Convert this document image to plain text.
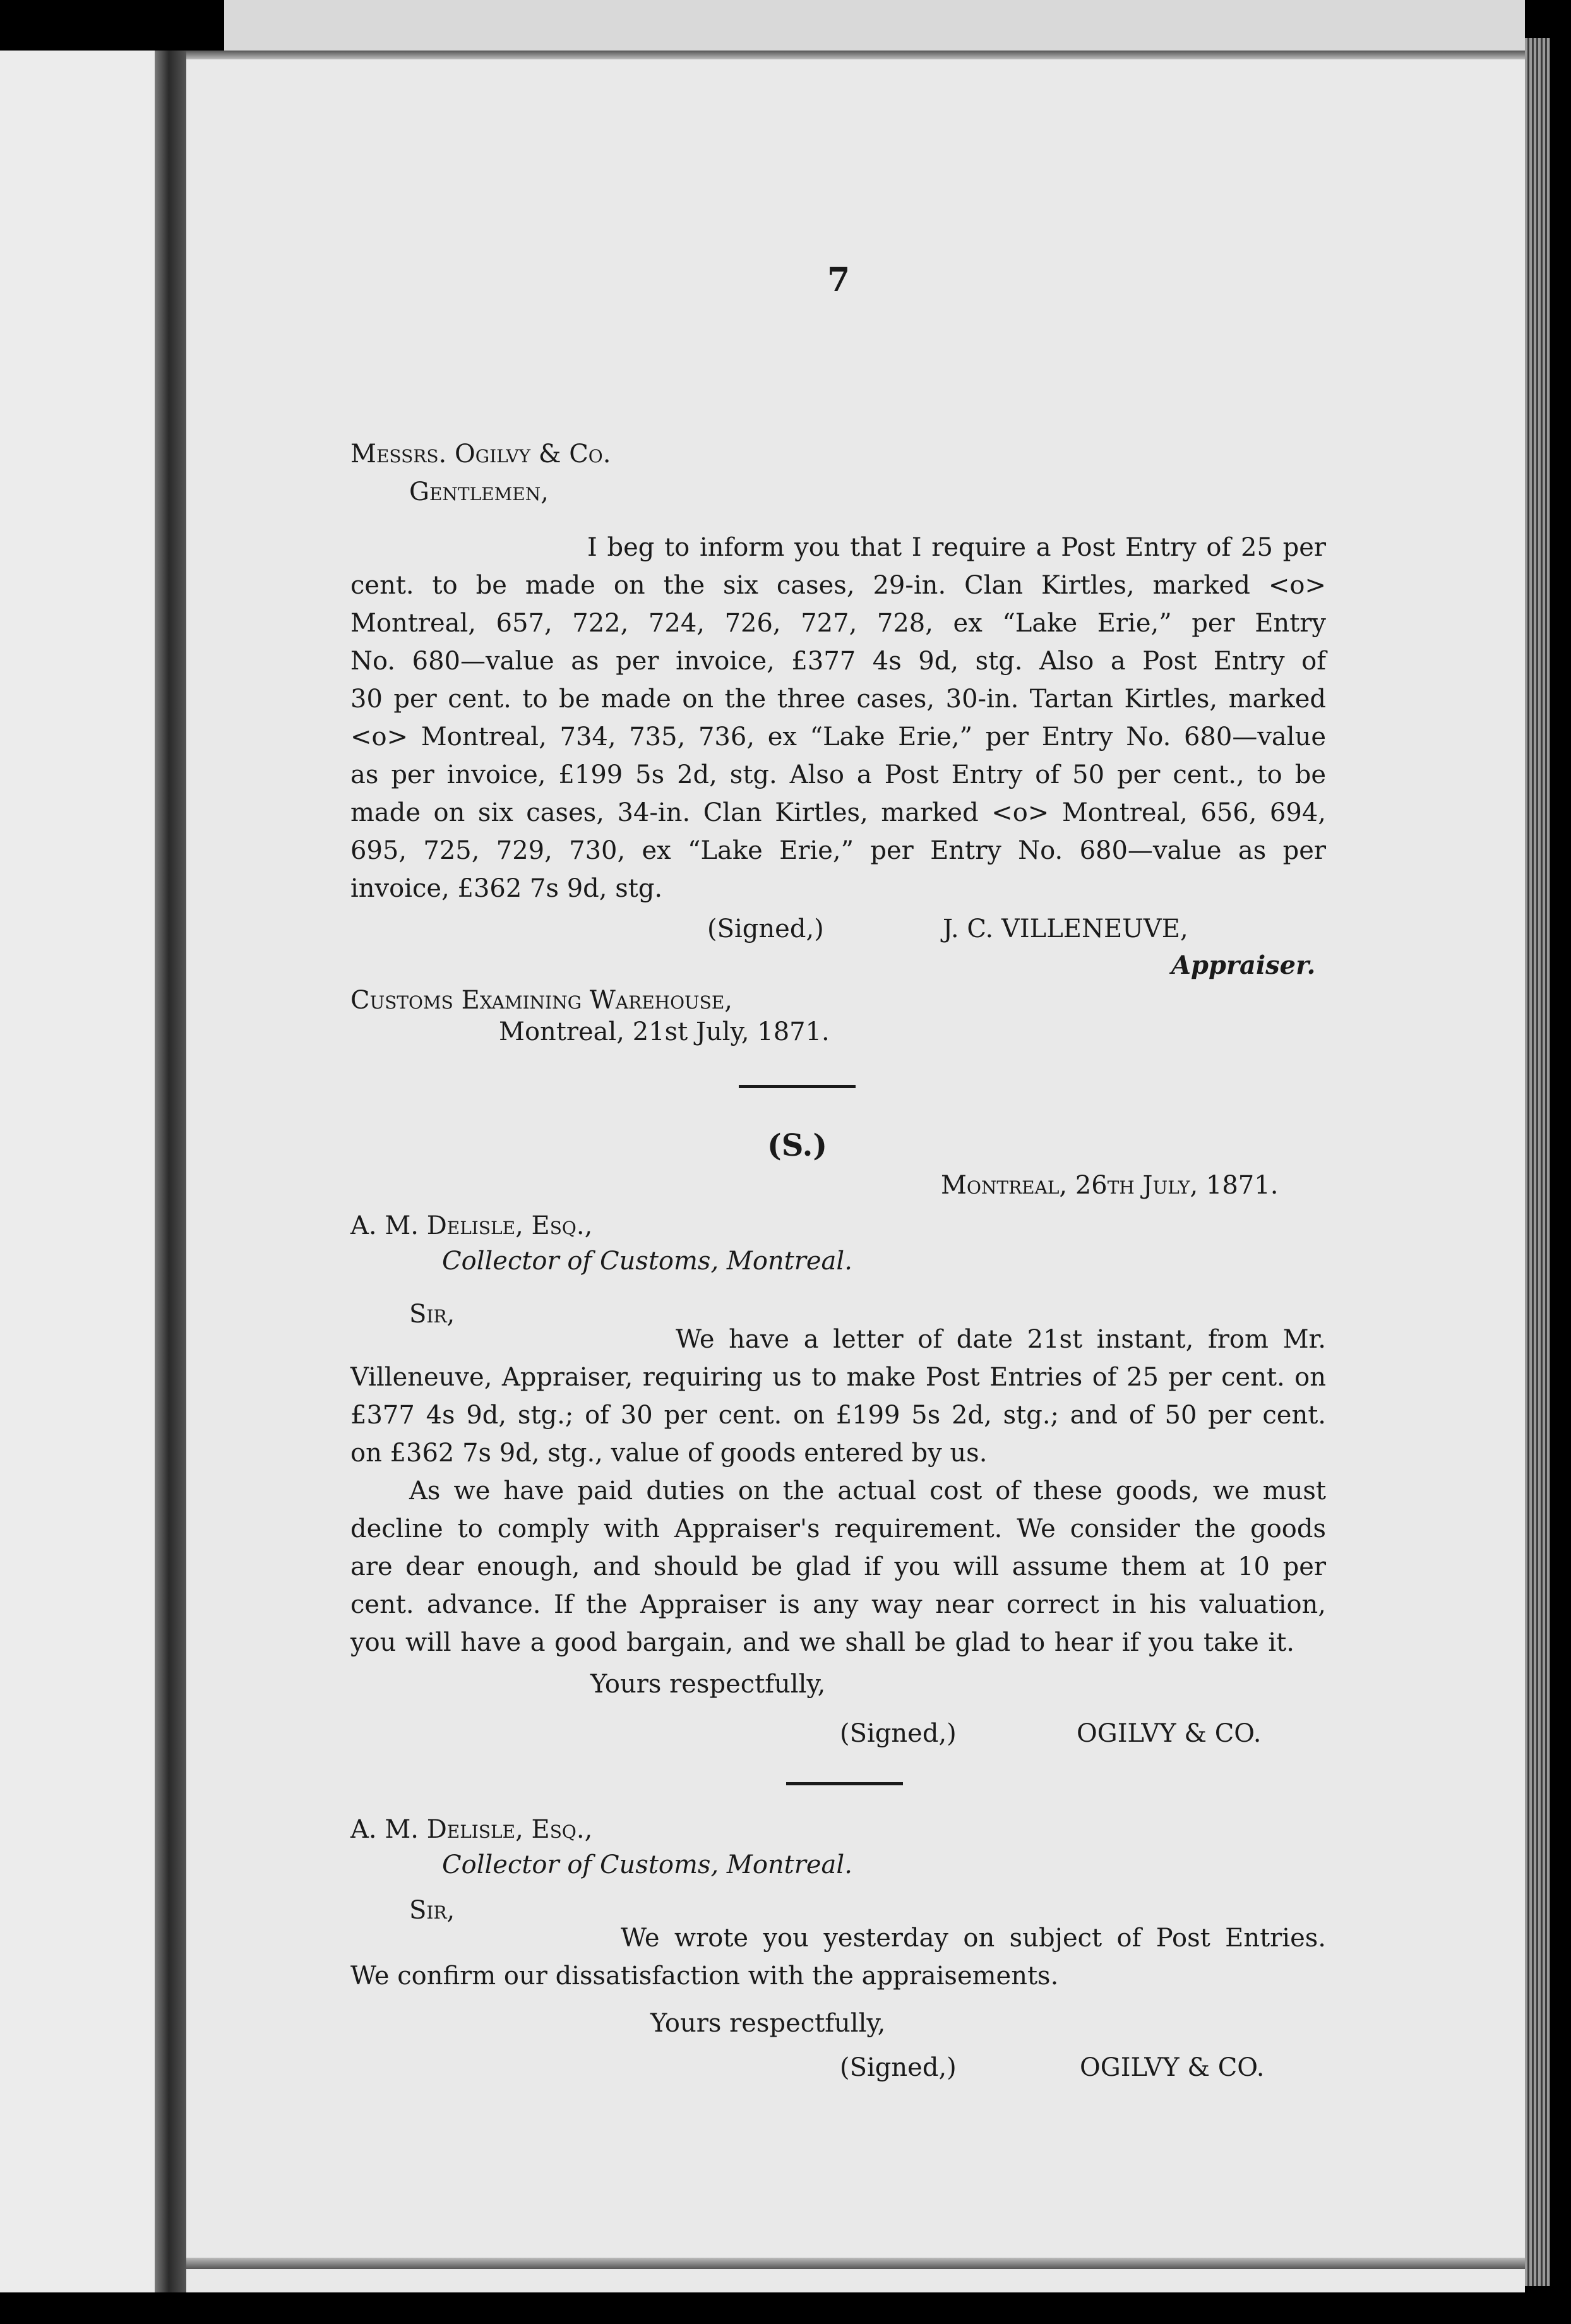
7
Messrs. Ogilvy & Co.
Gentlemen,
I beg to inform you that I require a Post Entry of 25 per
cent. to be made on the six cases, 29-in. Clan Kirtles, marked <o>
Montreal, 657, 722, 724, 726, 727, 728, ex “Lake Erie,” per Entry
No. 680—value as per invoice, £377 4s 9d, stg. Also a Post Entry of
30 per cent. to be made on the three cases, 30-in. Tartan Kirtles, marked
<o> Montreal, 734, 735, 736, ex “Lake Erie,” per Entry No. 680—value
as per invoice, £199 5s 2d, stg. Also a Post Entry of 50 per cent., to be
made on six cases, 34-in. Clan Kirtles, marked <o> Montreal, 656, 694,
695, 725, 729, 730, ex “Lake Erie,” per Entry No. 680—value as per
invoice, £362 7s 9d, stg.
(Signed,)	J. C. VILLENEUVE,
Appraiser.
Customs Examining Warehouse,
Montreal, 21st July, 1871.
(S.)
Montreal, 26th July, 1871.
A. M. Delisle, Esq.,
Collector of Customs, Montreal.
Sir,
We have a letter of date 21st instant, from Mr.
Villeneuve, Appraiser, requiring us to make Post Entries of 25 per cent. on
£377 4s 9d, stg.; of 30 per cent. on £199 5s 2d, stg.; and of 50 per cent.
on £362 7s 9d, stg., value of goods entered by us.
As we have paid duties on the actual cost of these goods, we must
decline to comply with Appraiser's requirement. We consider the goods
are dear enough, and should be glad if you will assume them at 10 per
cent. advance. If the Appraiser is any way near correct in his valuation,
you will have a good bargain, and we shall be glad to hear if you take it.
Yours respectfully,
(Signed,)	OGILVY & CO.
A. M. Delisle, Esq.,
Collector of Customs, Montreal.
Sir,
We wrote you yesterday on subject of Post Entries.
We confirm our dissatisfaction with the appraisements.
Yours respectfully,
(Signed,)	OGILVY & CO.
